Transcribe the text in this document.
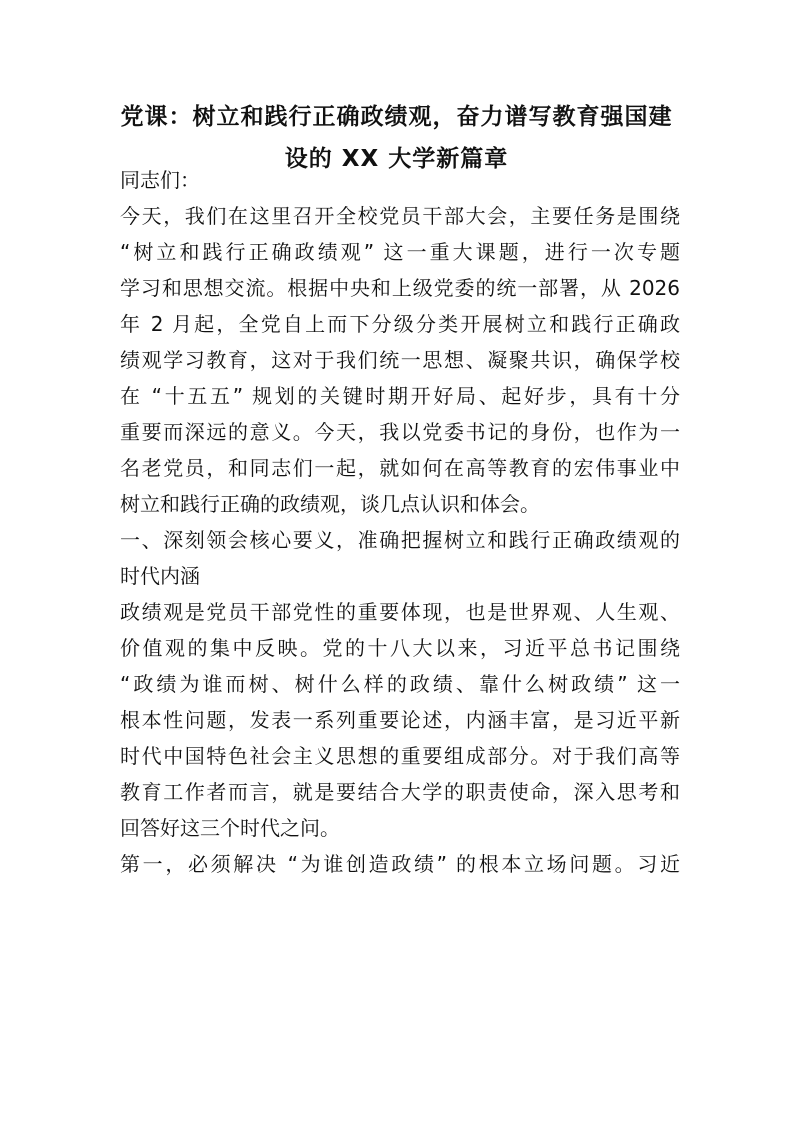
党课：树立和践行正确政绩观，奋力谱写教育强国建
设的 XX 大学新篇章
同志们：
今天，我们在这里召开全校党员干部大会，主要任务是围绕
“树立和践行正确政绩观” 这一重大课题，进行一次专题
学习和思想交流。根据中央和上级党委的统一部署，从 2026
年 2 月起，全党自上而下分级分类开展树立和践行正确政
绩观学习教育，这对于我们统一思想、凝聚共识，确保学校
在 “十五五” 规划的关键时期开好局、起好步，具有十分
重要而深远的意义。今天，我以党委书记的身份，也作为一
名老党员，和同志们一起，就如何在高等教育的宏伟事业中
树立和践行正确的政绩观，谈几点认识和体会。
一、深刻领会核心要义，准确把握树立和践行正确政绩观的
时代内涵
政绩观是党员干部党性的重要体现，也是世界观、人生观、
价值观的集中反映。党的十八大以来，习近平总书记围绕
“政绩为谁而树、树什么样的政绩、靠什么树政绩” 这一
根本性问题，发表一系列重要论述，内涵丰富，是习近平新
时代中国特色社会主义思想的重要组成部分。对于我们高等
教育工作者而言，就是要结合大学的职责使命，深入思考和
回答好这三个时代之问。
第一，必须解决 “为谁创造政绩” 的根本立场问题。习近
